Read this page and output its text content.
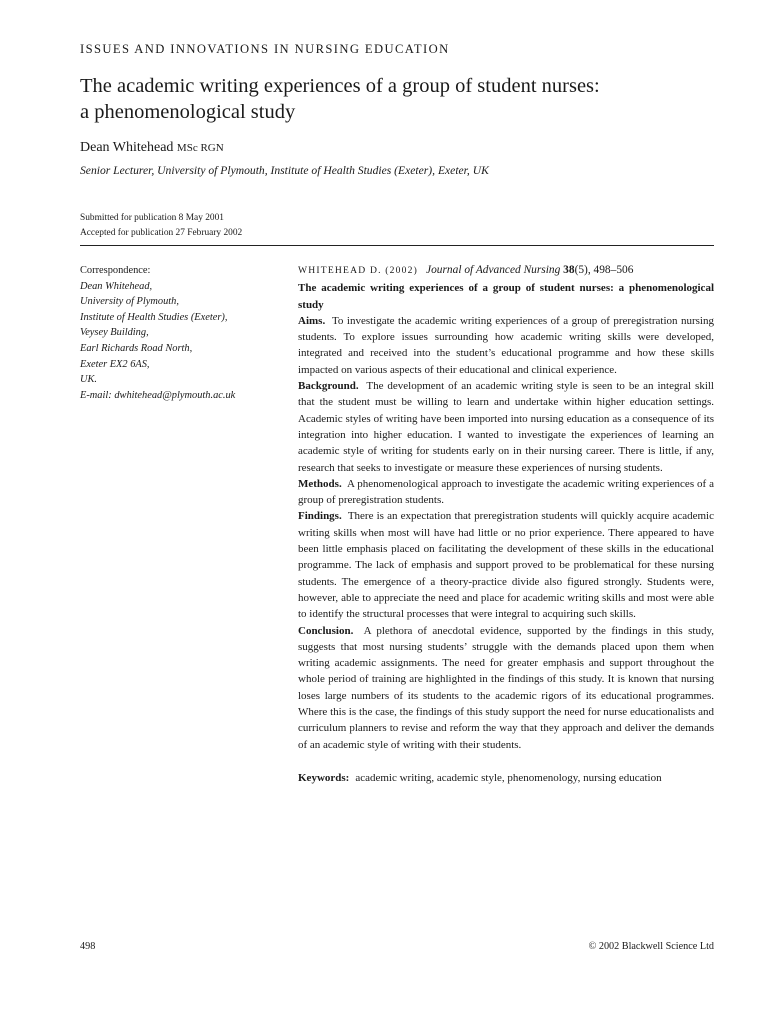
ISSUES AND INNOVATIONS IN NURSING EDUCATION
The academic writing experiences of a group of student nurses:
a phenomenological study
Dean Whitehead MSc RGN
Senior Lecturer, University of Plymouth, Institute of Health Studies (Exeter), Exeter, UK
Submitted for publication 8 May 2001
Accepted for publication 27 February 2002
Correspondence:
Dean Whitehead,
University of Plymouth,
Institute of Health Studies (Exeter),
Veysey Building,
Earl Richards Road North,
Exeter EX2 6AS,
UK.
E-mail: dwhitehead@plymouth.ac.uk
WHITEHEAD D. (2002) Journal of Advanced Nursing 38(5), 498–506

The academic writing experiences of a group of student nurses: a phenomenological study

Aims. To investigate the academic writing experiences of a group of preregistration nursing students. To explore issues surrounding how academic writing skills were developed, integrated and received into the student’s educational programme and how these skills impacted on various aspects of their educational and clinical experience.

Background. The development of an academic writing style is seen to be an integral skill that the student must be willing to learn and undertake within higher education settings. Academic styles of writing have been imported into nursing education as a consequence of its integration into higher education. I wanted to investigate the experiences of learning an academic style of writing for students early on in their nursing career. There is little, if any, research that seeks to investigate or measure these experiences of nursing students.

Methods. A phenomenological approach to investigate the academic writing experiences of a group of preregistration students.

Findings. There is an expectation that preregistration students will quickly acquire academic writing skills when most will have had little or no prior experience. There appeared to have been little emphasis placed on facilitating the development of these skills in the educational programme. The lack of emphasis and support proved to be problematical for these nursing students. The emergence of a theory-practice divide also figured strongly. Students were, however, able to appreciate the need and place for academic writing skills and most were able to identify the structural processes that were integral to acquiring such skills.

Conclusion. A plethora of anecdotal evidence, supported by the findings in this study, suggests that most nursing students’ struggle with the demands placed upon them when writing academic assignments. The need for greater emphasis and support throughout the whole period of training are highlighted in the findings of this study. It is known that nursing loses large numbers of its students to the academic rigors of its educational programmes. Where this is the case, the findings of this study support the need for nurse educationalists and curriculum planners to revise and reform the way that they approach and deliver the demands of an academic style of writing with their students.

Keywords: academic writing, academic style, phenomenology, nursing education

498	© 2002 Blackwell Science Ltd
